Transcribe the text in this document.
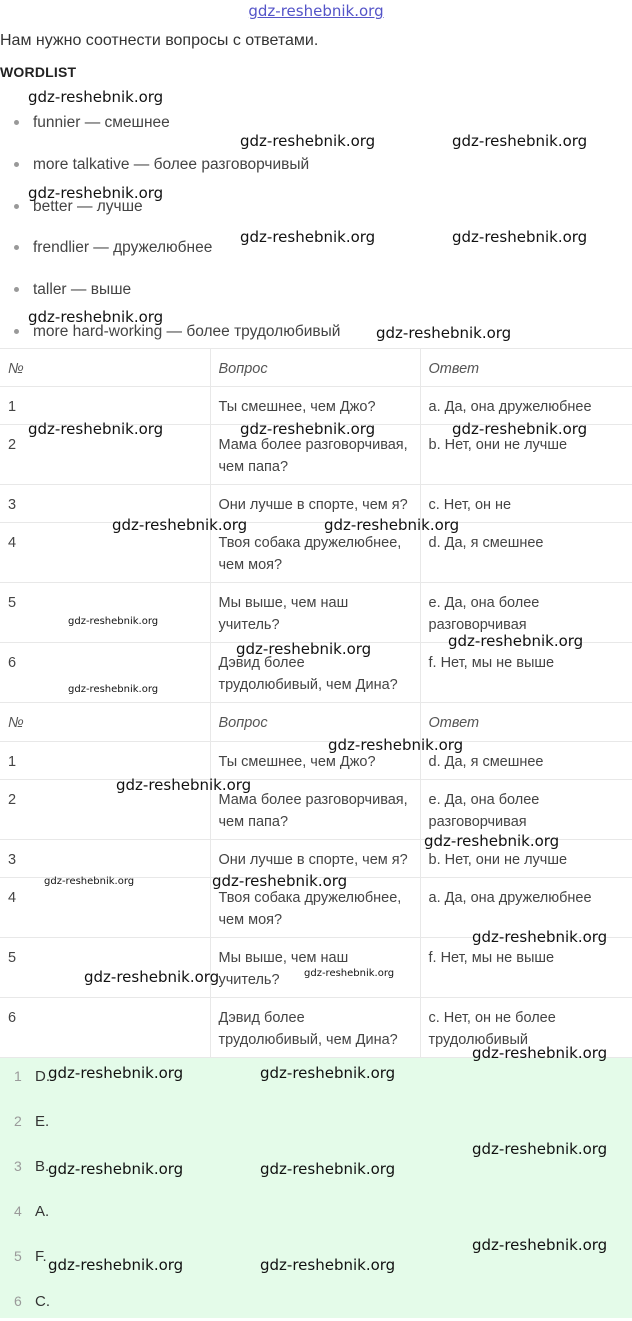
gdz-reshebnik.org
Нам нужно соотнести вопросы с ответами.
WORDLIST
funnier — смешнее
more talkative — более разговорчивый
better — лучше
frendlier — дружелюбнее
taller — выше
more hard-working — более трудолюбивый
№	Вопрос	Ответ
1	Ты смешнее, чем Джо?	a. Да, она дружелюбнее
2	Мама более разговорчивая, чем папа?	b. Нет, они не лучше
3	Они лучше в спорте, чем я?	c. Нет, он не
4	Твоя собака дружелюбнее, чем моя?	d. Да, я смешнее
5	Мы выше, чем наш учитель?	e. Да, она более разговорчивая
6	Дэвид более трудолюбивый, чем Дина?	f. Нет, мы не выше
№	Вопрос	Ответ
1	Ты смешнее, чем Джо?	d. Да, я смешнее
2	Мама более разговорчивая, чем папа?	e. Да, она более разговорчивая
3	Они лучше в спорте, чем я?	b. Нет, они не лучше
4	Твоя собака дружелюбнее, чем моя?	a. Да, она дружелюбнее
5	Мы выше, чем наш учитель?	f. Нет, мы не выше
6	Дэвид более трудолюбивый, чем Дина?	c. Нет, он не более трудолюбивый
1 D.
2 E.
3 B.
4 A.
5 F.
6 C.
gdz-reshebnik.org
gdz-reshebnik.org	gdz-reshebnik.org
gdz-reshebnik.org
gdz-reshebnik.org	gdz-reshebnik.org
gdz-reshebnik.org
gdz-reshebnik.org
gdz-reshebnik.org	gdz-reshebnik.org	gdz-reshebnik.org
gdz-reshebnik.org	gdz-reshebnik.org
gdz-reshebnik.org
gdz-reshebnik.org	gdz-reshebnik.org
gdz-reshebnik.org
gdz-reshebnik.org
gdz-reshebnik.org
gdz-reshebnik.org
gdz-reshebnik.org	gdz-reshebnik.org
gdz-reshebnik.org
gdz-reshebnik.org	gdz-reshebnik.org
gdz-reshebnik.org
gdz-reshebnik.org	gdz-reshebnik.org
gdz-reshebnik.org
gdz-reshebnik.org	gdz-reshebnik.org
gdz-reshebnik.org
gdz-reshebnik.org	gdz-reshebnik.org
